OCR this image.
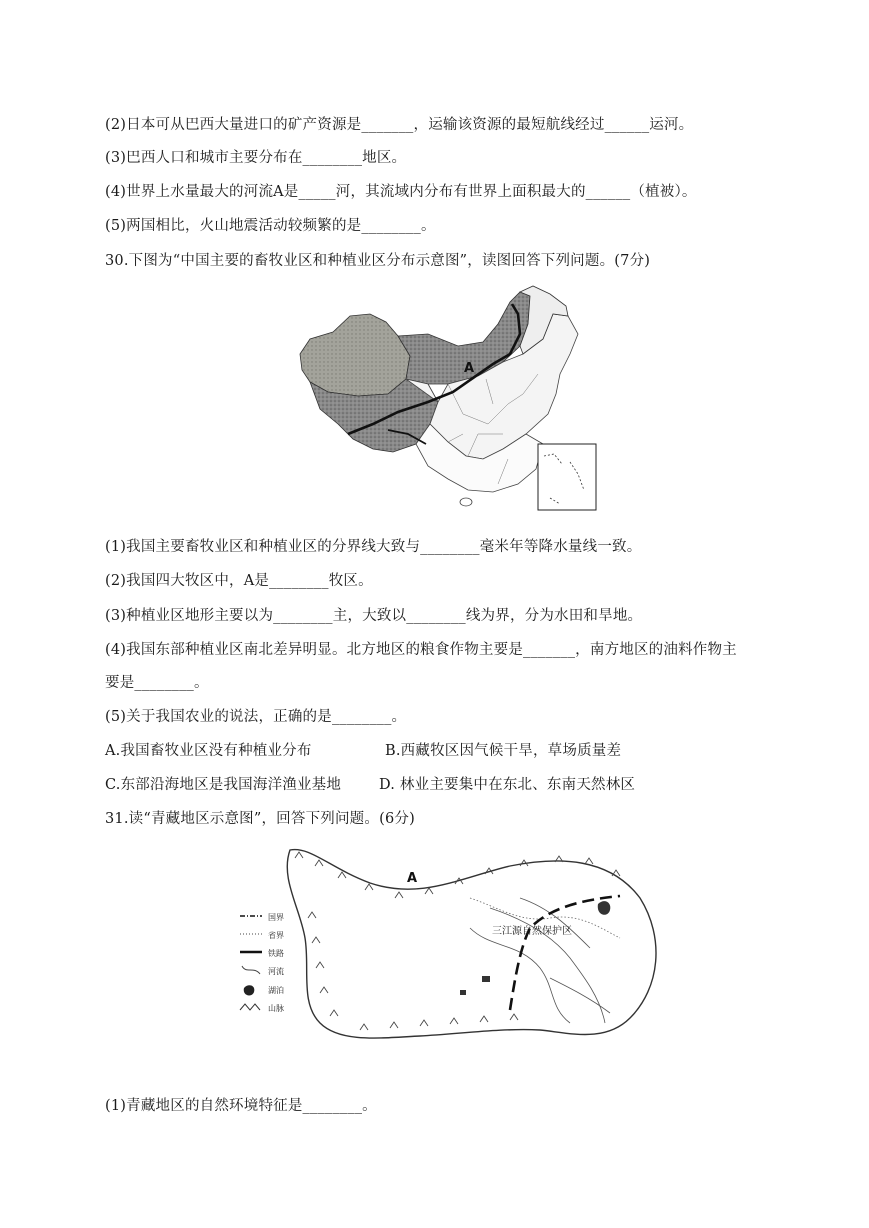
(2)日本可从巴西大量进口的矿产资源是_______，运输该资源的最短航线经过______运河。
(3)巴西人口和城市主要分布在________地区。
(4)世界上水量最大的河流A是_____河，其流域内分布有世界上面积最大的______（植被）。
(5)两国相比，火山地震活动较频繁的是________。
30.下图为“中国主要的畜牧业区和种植业区分布示意图”，读图回答下列问题。(7分)
A
(1)我国主要畜牧业区和种植业区的分界线大致与________毫米年等降水量线一致。
(2)我国四大牧区中，A是________牧区。
(3)种植业区地形主要以为________主，大致以________线为界，分为水田和旱地。
(4)我国东部种植业区南北差异明显。北方地区的粮食作物主要是_______，南方地区的油料作物主
要是________。
(5)关于我国农业的说法，正确的是________。
A.我国畜牧业区没有种植业分布	B.西藏牧区因气候干旱，草场质量差
C.东部沿海地区是我国海洋渔业基地	D. 林业主要集中在东北、东南天然林区
31.读“青藏地区示意图”，回答下列问题。(6分)
A
三江源自然保护区
国界
省界
铁路
河流
湖泊
山脉
(1)青藏地区的自然环境特征是________。
